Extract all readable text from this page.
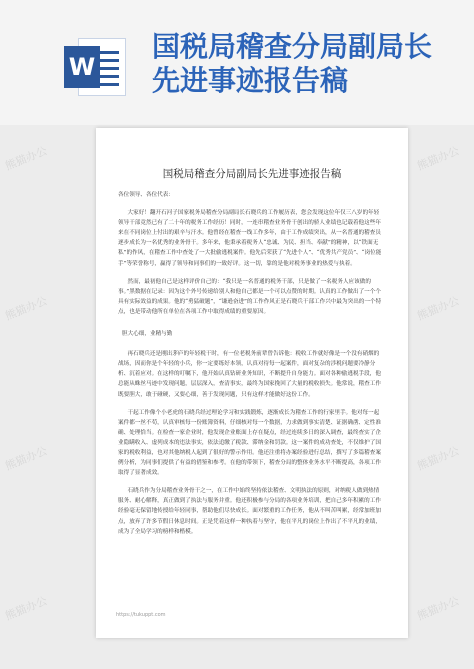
W
国税局稽查分局副局长先进事迹报告稿
熊猫办公	熊猫办公
熊猫办公	熊猫办公
熊猫办公	熊猫办公
熊猫办公	熊猫办公
国税局稽查分局副局长先进事迹报告稿

各位领导、各位代表：

大家好！翻开石河子国家税务局稽查分局副局长石晓兵的工作履历表，您会发现这位年仅三八岁的年轻领导干部竟然已有了二十年的税务工作经历！同时，一连串稽查业务骨干创出的骄人业绩也记载着他这些年来在不同岗位上付出的艰辛与汗水。他曾经在稽查一线工作多年，由于工作成绩突出，从一名普通的稽查员逐步成长为一名优秀的业务骨干。多年来，他秉承着税务人“忠诚、为民、担当、奉献”的精神，以“铁面无私”的作风，在稽查工作中查处了一大批偷逃税案件。他先后荣获了“先进个人”、“优秀共产党员”、“岗位能手”等荣誉称号，赢得了领导和同事们的一致好评。这一切，靠的是他对税务事业的热爱与执着。

然而，最初他自己是这样评价自己的：“我只是一名普通的税务干部，只是做了一名税务人应该做的事。”黑数据在记录：因为这个外号传递给别人和他自己都是一个可以点赞的时期。认真的工作做出了一个个具有实际效益的成果。他的“勇猛破题”，“谦逊奋进”的工作作风正是石晓兵干部工作兴中最为突出的一个特点，也是带动他所在单位在各项工作中取得成绩的重要原因。

胆大心细，业精与勤

再石晓兵还是刚出茅庐的年轻税干时，有一位老税务前辈曾告诉他：税收工作就好像是一个没有硝烟的战场，因而你是个年轻的小兵，你一定要练好本领，认真对待每一起案件，面对复杂的涉税问题要冷静分析、沉着应对。在这样的叮嘱下，他开始认真钻研业务知识，不断提升自身能力。面对各种偷逃税手段，他总能从蛛丝马迹中发现问题，层层深入，查清事实，最终为国家挽回了大量的税收损失。他常说，稽查工作既要胆大，敢于碰硬，又要心细，善于发现问题，只有这样才能做好这份工作。

干起工作像个小老虎的石晓兵经过理论学习和实践锻炼，逐渐成长为稽查工作的行家里手。他对每一起案件都一丝不苟，认真审核每一份账簿资料，仔细核对每一个数据，力求做到事实清楚、证据确凿、定性准确、处理恰当。在检查一家企业时，他发现企业账面上存在疑点，经过连续多日的深入调查，最终查实了企业隐瞒收入、虚列成本的违法事实，依法追缴了税款、滞纳金和罚款。这一案件的成功查处，不仅维护了国家的税收利益，也对其他纳税人起到了很好的警示作用。他还注重将办案经验进行总结，撰写了多篇稽查案例分析，为同事们提供了有益的借鉴和参考。在他的带领下，稽查分局的整体业务水平不断提高，各项工作取得了显著成效。

石晓兵作为分局稽查业务骨干之一，在工作中始终坚持依法稽查、文明执法的原则，对纳税人做到热情服务、耐心解释，真正做到了执法与服务并重。他还积极参与分局的各项业务培训，把自己多年积累的工作经验毫无保留地传授给年轻同事，帮助他们尽快成长。面对繁重的工作任务，他从不叫苦叫累，经常加班加点，放弃了许多节假日休息时间。正是凭着这样一种执着与坚守，他在平凡的岗位上作出了不平凡的业绩，成为了全局学习的榜样和楷模。

https://tukuppt.com
